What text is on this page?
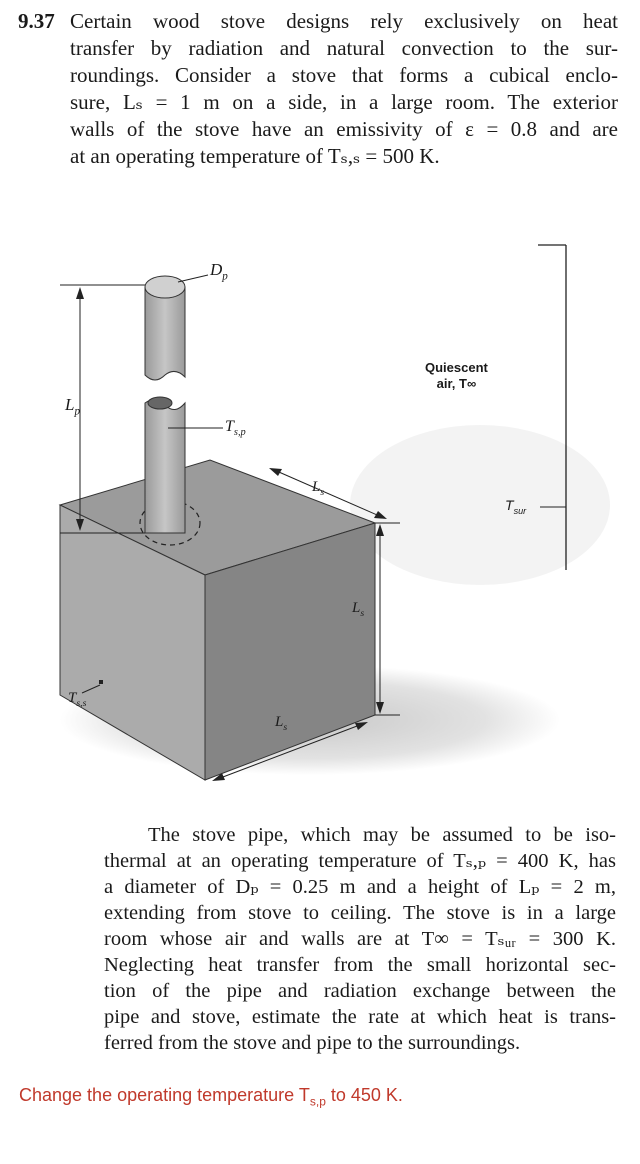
9.37 Certain wood stove designs rely exclusively on heat
transfer by radiation and natural convection to the sur-
roundings. Consider a stove that forms a cubical enclo-
sure, Lₛ = 1 m on a side, in a large room. The exterior
walls of the stove have an emissivity of ε = 0.8 and are
at an operating temperature of Tₛ,ₛ = 500 K.
$D_p$
$L_p$
$T_{s,p}$
$L_s$
$L_s$
$L_s$
$T_{s,s}$
Quiescent
air, T∞
$T_{sur}$
The stove pipe, which may be assumed to be iso-
thermal at an operating temperature of Tₛ,ₚ = 400 K, has
a diameter of Dₚ = 0.25 m and a height of Lₚ = 2 m,
extending from stove to ceiling. The stove is in a large
room whose air and walls are at T∞ = Tₛᵤᵣ = 300 K.
Neglecting heat transfer from the small horizontal sec-
tion of the pipe and radiation exchange between the
pipe and stove, estimate the rate at which heat is trans-
ferred from the stove and pipe to the surroundings.
Change the operating temperature $T_{s,p}$ to 450 K.
